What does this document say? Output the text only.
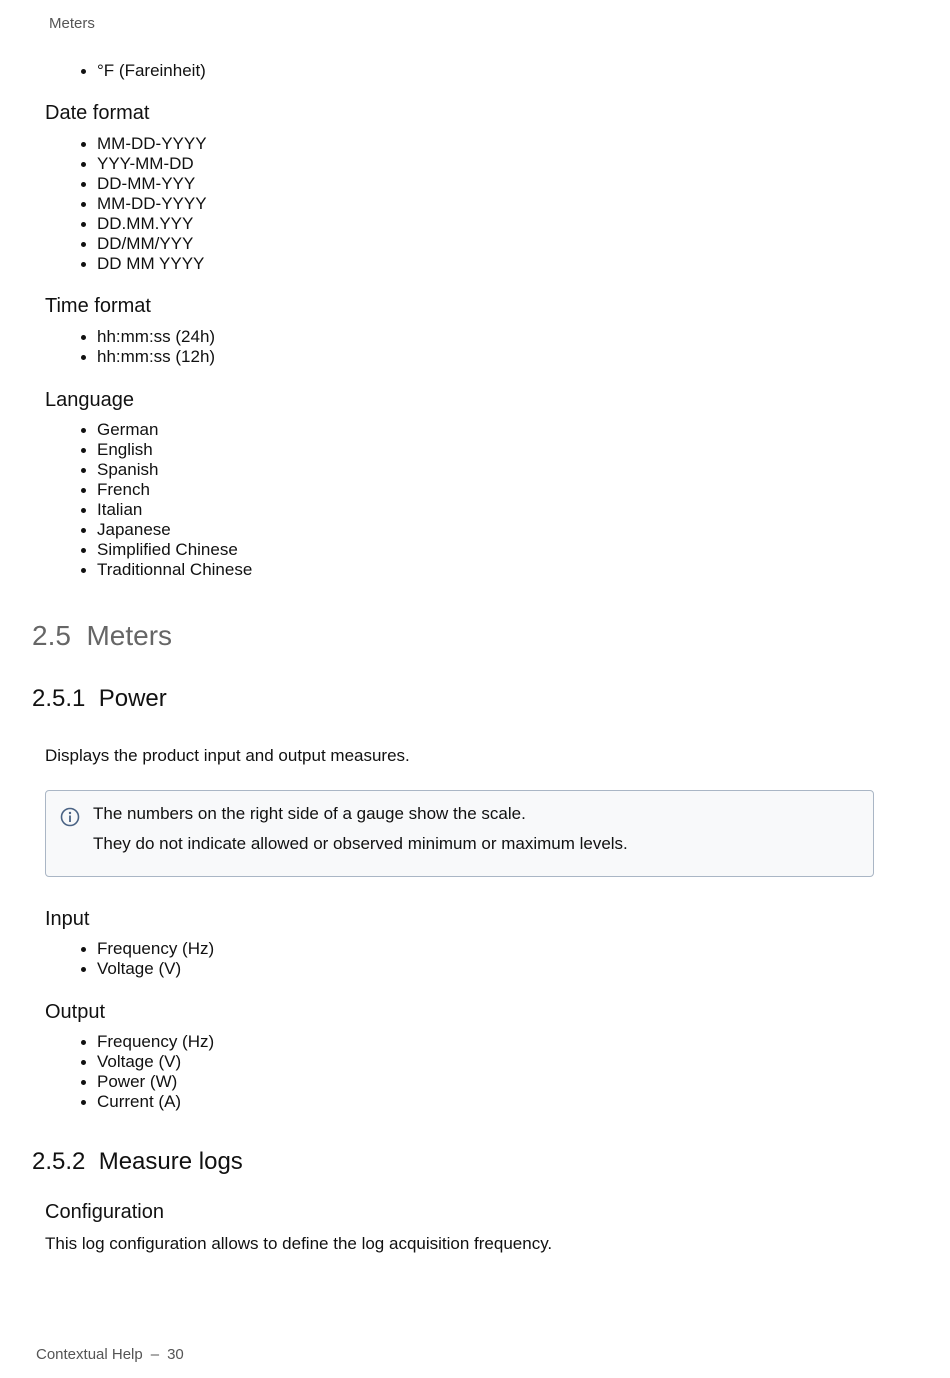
Meters
°F (Fareinheit)
Date format
MM-DD-YYYY
YYY-MM-DD
DD-MM-YYY
MM-DD-YYYY
DD.MM.YYY
DD/MM/YYY
DD MM YYYY
Time format
hh:mm:ss (24h)
hh:mm:ss (12h)
Language
German
English
Spanish
French
Italian
Japanese
Simplified Chinese
Traditionnal Chinese
2.5  Meters
2.5.1  Power

Displays the product input and output measures.

The numbers on the right side of a gauge show the scale.
They do not indicate allowed or observed minimum or maximum levels.
Input
Frequency (Hz)
Voltage (V)
Output
Frequency (Hz)
Voltage (V)
Power (W)
Current (A)
2.5.2  Measure logs
Configuration

This log configuration allows to define the log acquisition frequency.

Contextual Help – 30
